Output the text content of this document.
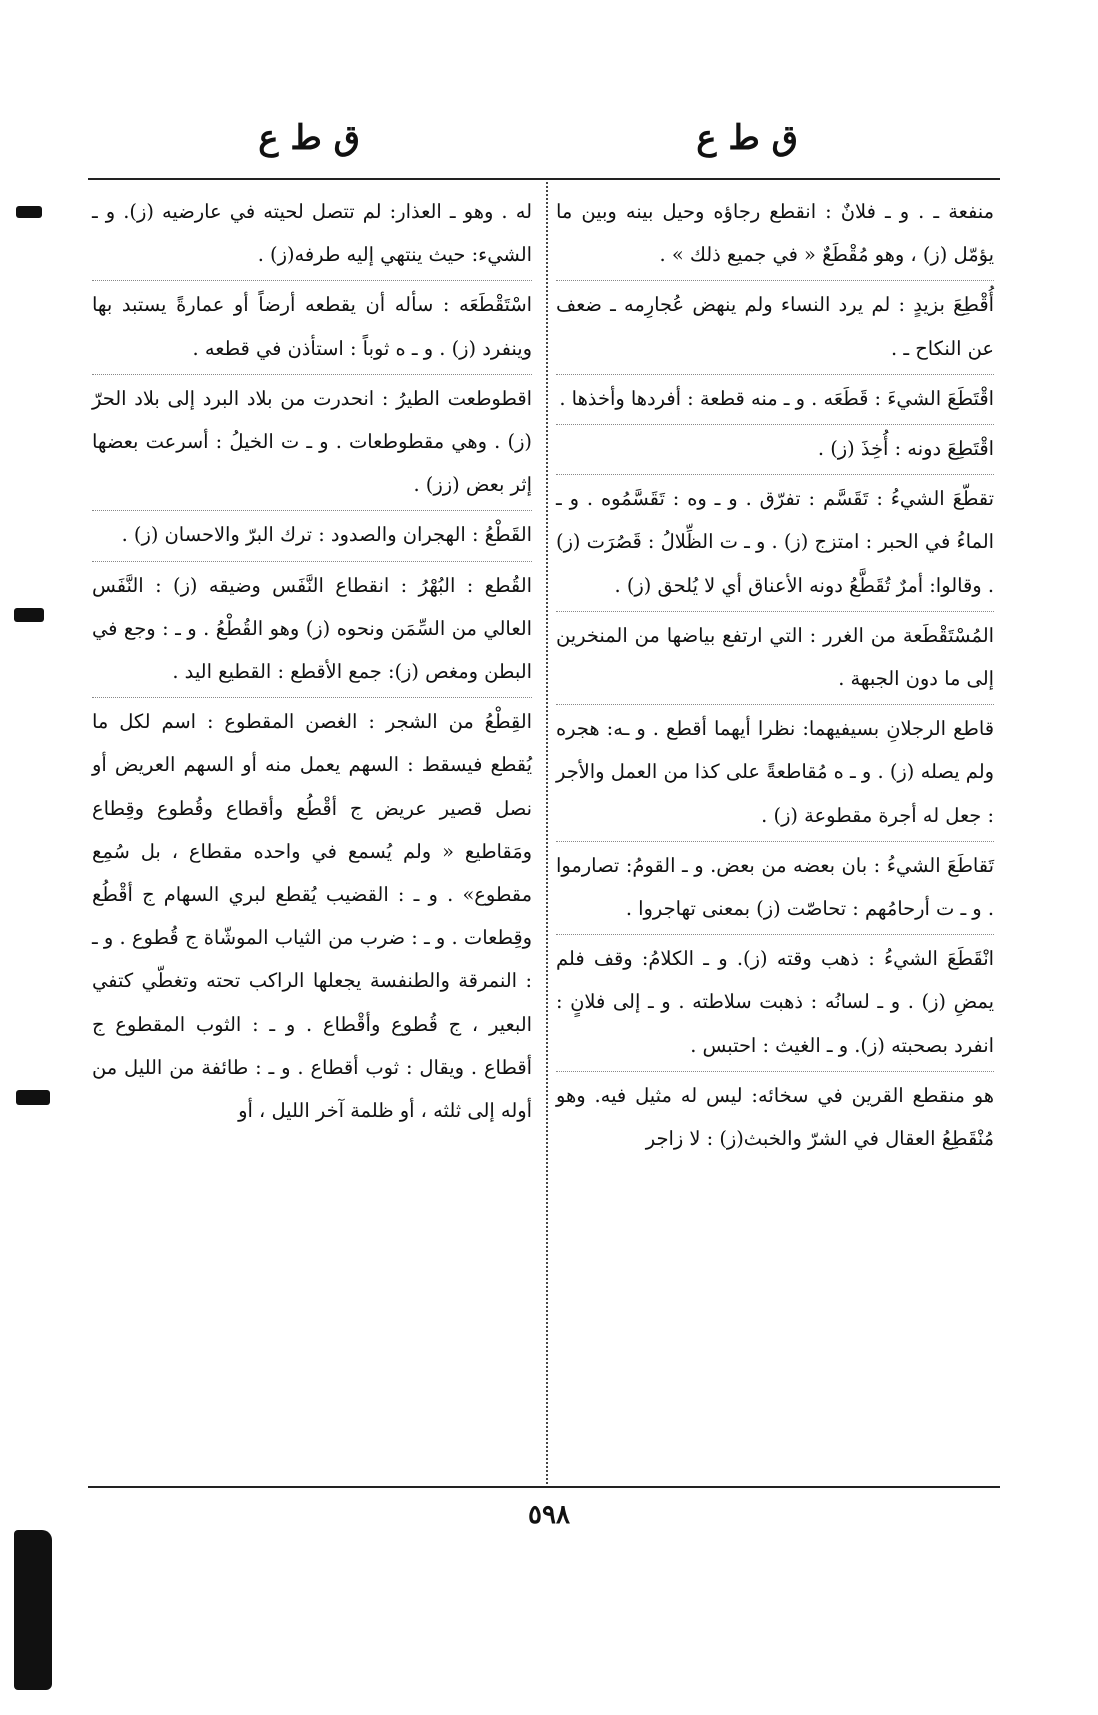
ق ط ع
ق ط ع

منفعة ـ . و ـ فلانٌ : انقطع رجاؤه وحيل بينه وبين ما يؤمّل (ز) ، وهو مُقْطَعٌ « في جميع ذلك » .

أُقْطِعَ بزيدٍ : لم يرد النساء ولم ينهض عُجارِمه ـ ضعف عن النكاح ـ .

اقْتَطَعَ الشيءَ : قَطَعَه . و ـ منه قطعة : أفردها وأخذها .

اقْتَطِعَ دونه : أُخِذَ (ز) .

تقطّعَ الشيءُ : تَقَسَّم : تفرّق . و ـ وه : تَقَسَّمُوه . و ـ الماءُ في الحبر : امتزج (ز) . و ـ ت الظِّلالُ : قَصُرَت (ز) . وقالوا: أمرٌ تُقَطَّعُ دونه الأعناق أي لا يُلحق (ز) .

المُسْتَقْطَعة من الغرر : التي ارتفع بياضها من المنخرين إلى ما دون الجبهة .

قاطع الرجلانِ بسيفيهما: نظرا أيهما أقطع . و ـه: هجره ولم يصله (ز) . و ـ ه مُقاطعةً على كذا من العمل والأجر : جعل له أجرة مقطوعة (ز) .

تَقاطَعَ الشيءُ : بان بعضه من بعض. و ـ القومُ: تصارموا . و ـ ت أرحامُهم : تحاصّت (ز) بمعنى تهاجروا .

انْقَطَعَ الشيءُ : ذهب وقته (ز). و ـ الكلامُ: وقف فلم يمضِ (ز) . و ـ لسانُه : ذهبت سلاطته . و ـ إلى فلانٍ : انفرد بصحبته (ز). و ـ الغيث : احتبس .

هو منقطع القرين في سخائه: ليس له مثيل فيه. وهو مُنْقَطِعُ العقال في الشرّ والخبث(ز) : لا زاجر

له . وهو ـ العذار: لم تتصل لحيته في عارضيه (ز). و ـ الشيء: حيث ينتهي إليه طرفه(ز) .

اسْتَقْطَعَه : سأله أن يقطعه أرضاً أو عمارةً يستبد بها وينفرد (ز) . و ـ ه ثوباً : استأذن في قطعه .

اقطوطعت الطيرُ : انحدرت من بلاد البرد إلى بلاد الحرّ (ز) . وهي مقطوطعات . و ـ ت الخيلُ : أسرعت بعضها إثر بعض (زز) .

القَطْعُ : الهجران والصدود : ترك البرّ والاحسان (ز) .

القُطع : البُهْرُ : انقطاع النَّفَس وضيقه (ز) : النَّفَس العالي من السِّمَن ونحوه (ز) وهو القُطْعُ . و ـ : وجع في البطن ومغص (ز): جمع الأقطع : القطيع اليد .

القِطْعُ من الشجر : الغصن المقطوع : اسم لكل ما يُقطع فيسقط : السهم يعمل منه أو السهم العريض أو نصل قصير عريض ج أقْطُع وأقطاع وقُطوع وقِطاع ومَقاطيع « ولم يُسمع في واحده مقطاع ، بل سُمِع مقطوع» . و ـ : القضيب يُقطع لبري السهام ج أقْطُع وقِطعات . و ـ : ضرب من الثياب الموشّاة ج قُطوع . و ـ : النمرقة والطنفسة يجعلها الراكب تحته وتغطّي كتفي البعير ، ج قُطوع وأقْطاع . و ـ : الثوب المقطوع ج أقطاع . ويقال : ثوب أقطاع . و ـ : طائفة من الليل من أوله إلى ثلثه ، أو ظلمة آخر الليل ، أو

٥٩٨
